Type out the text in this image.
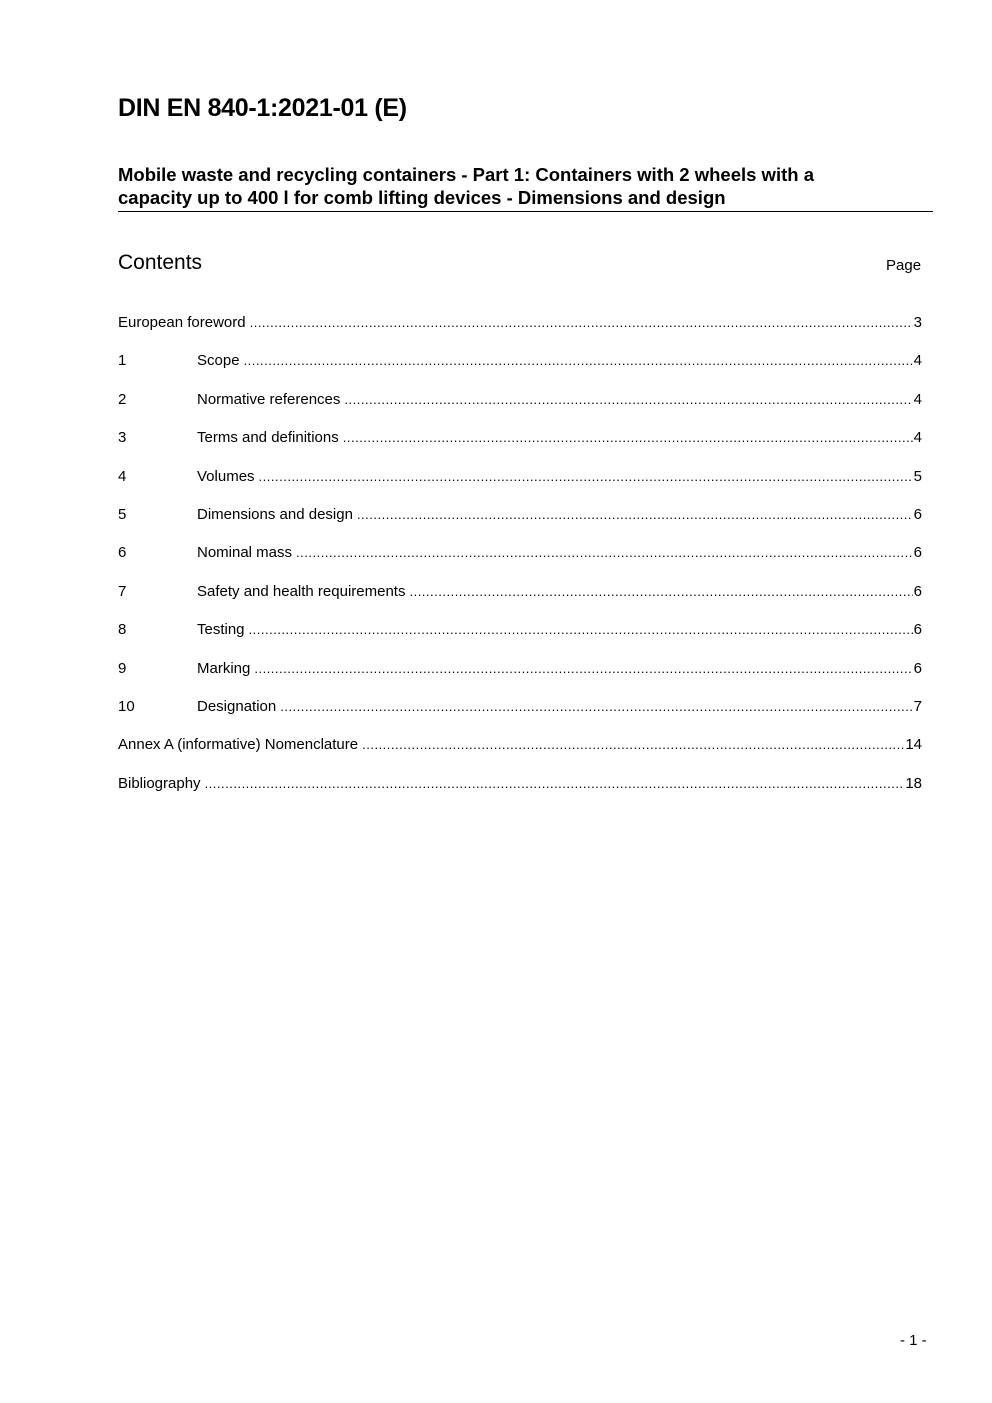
DIN EN 840-1:2021-01 (E)
Mobile waste and recycling containers - Part 1: Containers with 2 wheels with a
capacity up to 400 l for comb lifting devices - Dimensions and design
Contents	Page
European foreword .....	3
1	Scope .....	4
2	Normative references .....	4
3	Terms and definitions .....	4
4	Volumes .....	5
5	Dimensions and design .....	6
6	Nominal mass .....	6
7	Safety and health requirements .....	6
8	Testing .....	6
9	Marking .....	6
10	Designation .....	7
Annex A (informative) Nomenclature .....	14
Bibliography .....	18
- 1 -
